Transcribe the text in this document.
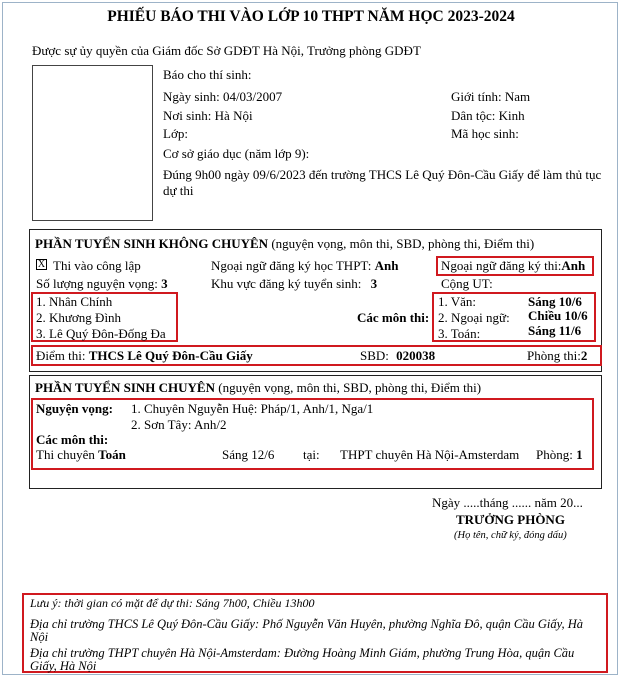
PHIẾU BÁO THI VÀO LỚP 10 THPT NĂM HỌC 2023-2024
Được sự ủy quyền của Giám đốc Sở GDĐT Hà Nội, Trưởng phòng GDĐT
Báo cho thí sinh:
Ngày sinh: 04/03/2007
Nơi sinh: Hà Nội
Lớp:
Cơ sở giáo dục (năm lớp 9):
Giới tính: Nam
Dân tộc: Kinh
Mã học sinh:
Đúng 9h00 ngày 09/6/2023 đến trường THCS Lê Quý Đôn-Cầu Giấy để làm thủ tục dự thi
PHẦN TUYỂN SINH KHÔNG CHUYÊN (nguyện vọng, môn thi, SBD, phòng thi, Điểm thi)
X Thi vào công lập	Ngoại ngữ đăng ký học THPT: Anh	Ngoại ngữ đăng ký thi:Anh
Số lượng nguyện vọng: 3	Khu vực đăng ký tuyển sinh: 3	Cộng UT:
1. Nhân Chính
2. Khương Đình
3. Lê Quý Đôn-Đống Đa
Các môn thi:
1. Văn:	Sáng 10/6
2. Ngoại ngữ: Chiều 10/6
3. Toán:	Sáng 11/6
Điểm thi: THCS Lê Quý Đôn-Cầu Giấy	SBD: 020038	Phòng thi:2
PHẦN TUYỂN SINH CHUYÊN (nguyện vọng, môn thi, SBD, phòng thi, Điểm thi)
Nguyện vọng: 1. Chuyên Nguyễn Huệ: Pháp/1, Anh/1, Nga/1
2. Sơn Tây: Anh/2
Các môn thi:
Thi chuyên Toán	Sáng 12/6 tại: THPT chuyên Hà Nội-Amsterdam Phòng: 1
Ngày .....tháng ...... năm 20...
TRƯỞNG PHÒNG
(Họ tên, chữ ký, đóng dấu)
Lưu ý: thời gian có mặt để dự thi: Sáng 7h00, Chiều 13h00
Địa chỉ trường THCS Lê Quý Đôn-Cầu Giấy: Phố Nguyễn Văn Huyên, phường Nghĩa Đô, quận Cầu Giấy, Hà Nội
Địa chỉ trường THPT chuyên Hà Nội-Amsterdam: Đường Hoàng Minh Giám, phường Trung Hòa, quận Cầu Giấy, Hà Nội
